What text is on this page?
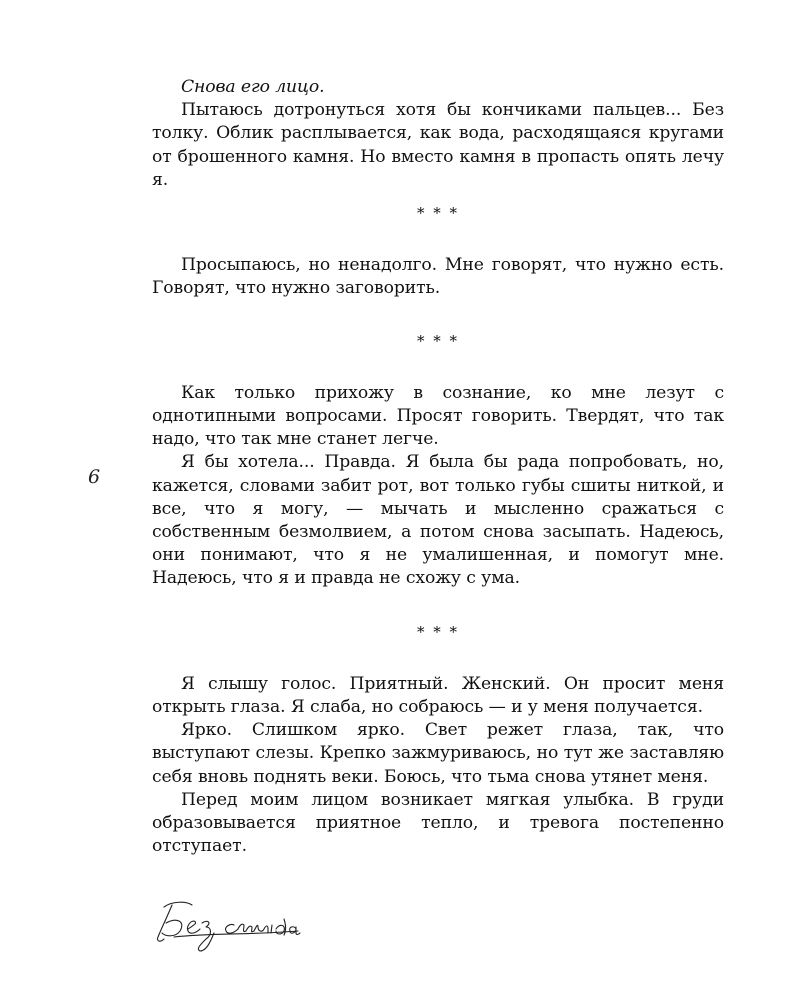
Снова его лицо.

Пытаюсь дотронуться хотя бы кончиками пальцев... Без толку. Облик расплывается, как вода, расходящаяся кругами от брошенного камня. Но вместо камня в пропасть опять лечу я.

* * *

Просыпаюсь, но ненадолго. Мне говорят, что нужно есть. Говорят, что нужно заговорить.

* * *

Как только прихожу в сознание, ко мне лезут с однотипными вопросами. Просят говорить. Твердят, что так надо, что так мне станет легче.

Я бы хотела... Правда. Я была бы рада попробовать, но, кажется, словами забит рот, вот только губы сшиты ниткой, и все, что я могу, — мычать и мысленно сражаться с собственным безмолвием, а потом снова засыпать. Надеюсь, они понимают, что я не умалишенная, и помогут мне. Надеюсь, что я и правда не схожу с ума.

* * *

Я слышу голос. Приятный. Женский. Он просит меня открыть глаза. Я слаба, но собраюсь — и у меня получается.

Ярко. Слишком ярко. Свет режет глаза, так, что выступают слезы. Крепко зажмуриваюсь, но тут же заставляю себя вновь поднять веки. Боюсь, что тьма снова утянет меня.

Перед моим лицом возникает мягкая улыбка. В груди образовывается приятное тепло, и тревога постепенно отступает.

6
